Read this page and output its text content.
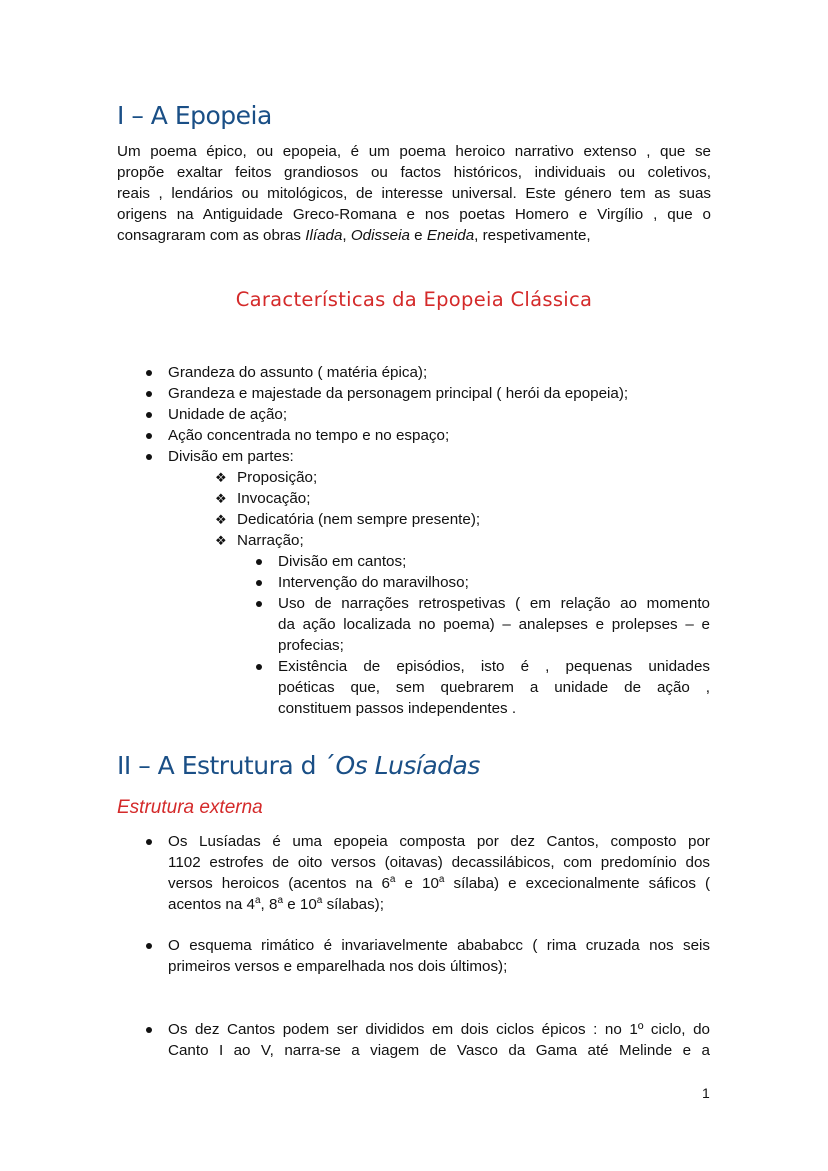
I – A Epopeia
Um poema épico, ou epopeia, é um poema heroico narrativo extenso , que se
propõe exaltar feitos grandiosos ou factos históricos, individuais ou coletivos,
reais , lendários ou mitológicos, de interesse universal. Este género tem as suas
origens na Antiguidade Greco-Romana e nos poetas Homero e Virgílio , que o
consagraram com as obras Ilíada, Odisseia e Eneida, respetivamente,
Características da Epopeia Clássica
Grandeza do assunto ( matéria épica);
Grandeza e majestade da personagem principal ( herói da epopeia);
Unidade de ação;
Ação concentrada no tempo e no espaço;
Divisão em partes:
❖ Proposição;
❖ Invocação;
❖ Dedicatória (nem sempre presente);
❖ Narração;
Divisão em cantos;
Intervenção do maravilhoso;
Uso de narrações retrospetivas ( em relação ao momento
da ação localizada no poema) – analepses e prolepses – e
profecias;
Existência de episódios, isto é , pequenas unidades
poéticas que, sem quebrarem a unidade de ação ,
constituem passos independentes .
II – A Estrutura d ´Os Lusíadas
Estrutura externa
Os Lusíadas é uma epopeia composta por dez Cantos, composto por
1102 estrofes de oito versos (oitavas) decassilábicos, com predomínio dos
versos heroicos (acentos na 6$^a$ e 10$^a$ sílaba) e excecionalmente sáficos (
acentos na 4$^a$, 8$^a$ e 10$^a$ sílabas);
O esquema rimático é invariavelmente abababcc ( rima cruzada nos seis
primeiros versos e emparelhada nos dois últimos);
Os dez Cantos podem ser divididos em dois ciclos épicos : no 1º ciclo, do
Canto I ao V, narra-se a viagem de Vasco da Gama até Melinde e a
1
